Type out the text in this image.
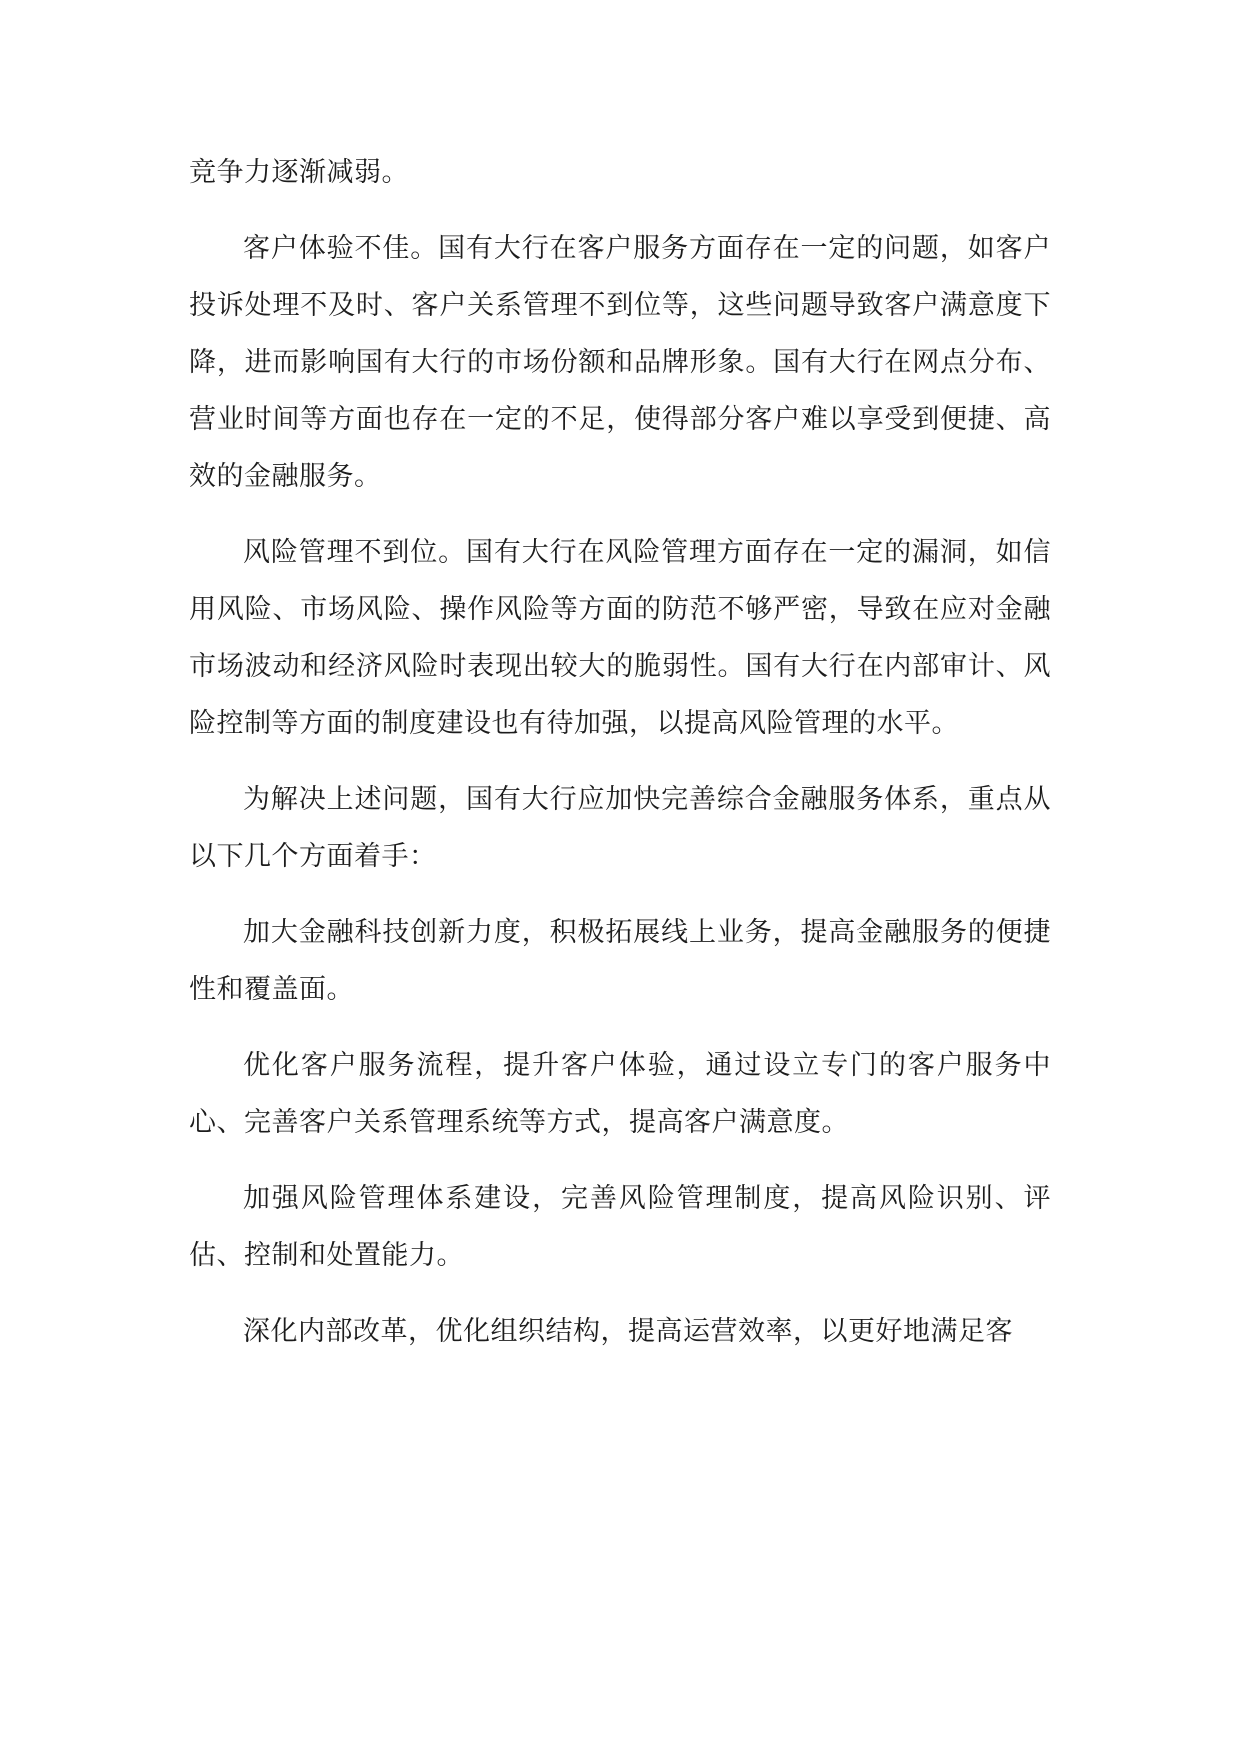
竞争力逐渐减弱。

客户体验不佳。国有大行在客户服务方面存在一定的问题，如客户投诉处理不及时、客户关系管理不到位等，这些问题导致客户满意度下降，进而影响国有大行的市场份额和品牌形象。国有大行在网点分布、营业时间等方面也存在一定的不足，使得部分客户难以享受到便捷、高效的金融服务。

风险管理不到位。国有大行在风险管理方面存在一定的漏洞，如信用风险、市场风险、操作风险等方面的防范不够严密，导致在应对金融市场波动和经济风险时表现出较大的脆弱性。国有大行在内部审计、风险控制等方面的制度建设也有待加强，以提高风险管理的水平。

为解决上述问题，国有大行应加快完善综合金融服务体系，重点从以下几个方面着手：

加大金融科技创新力度，积极拓展线上业务，提高金融服务的便捷性和覆盖面。

优化客户服务流程，提升客户体验，通过设立专门的客户服务中心、完善客户关系管理系统等方式，提高客户满意度。

加强风险管理体系建设，完善风险管理制度，提高风险识别、评估、控制和处置能力。

深化内部改革，优化组织结构，提高运营效率，以更好地满足客
